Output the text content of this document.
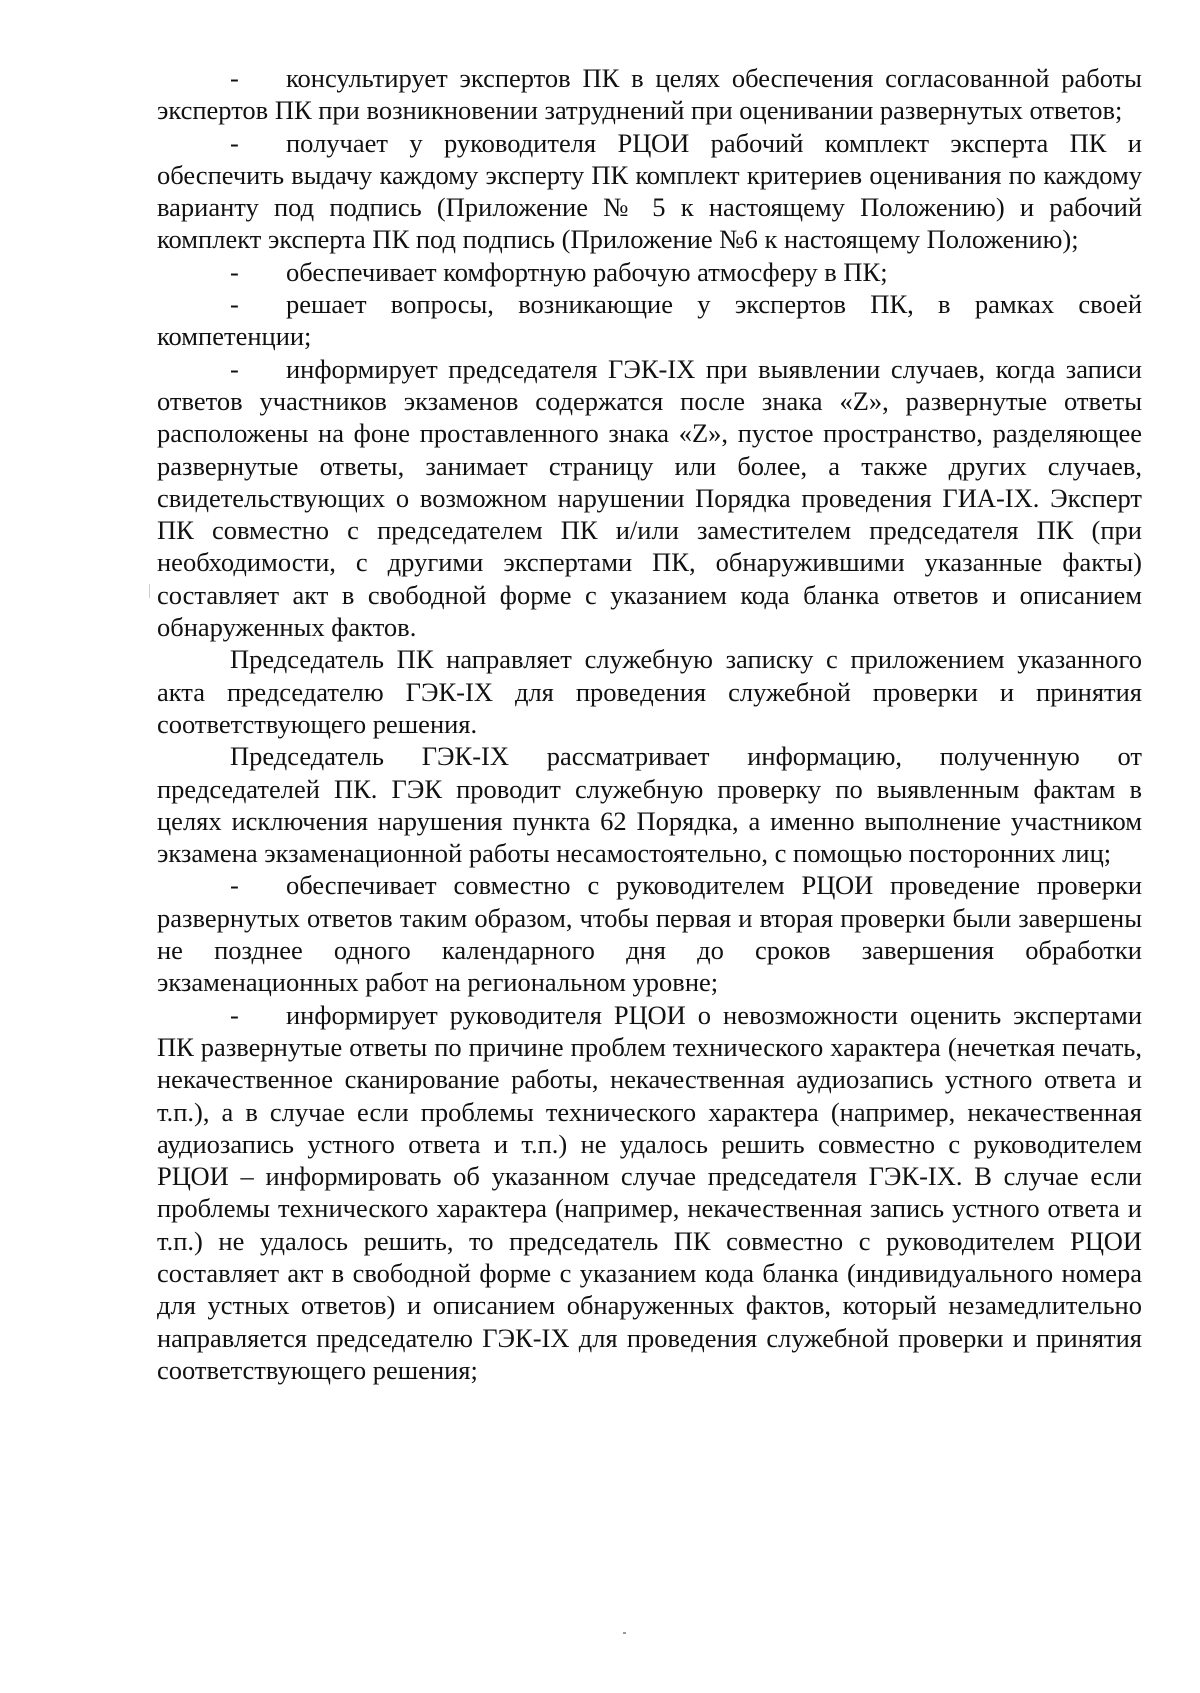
- консультирует экспертов ПК в целях обеспечения согласованной работы экспертов ПК при возникновении затруднений при оценивании развернутых ответов;

- получает у руководителя РЦОИ рабочий комплект эксперта ПК и обеспечить выдачу каждому эксперту ПК комплект критериев оценивания по каждому варианту под подпись (Приложение № 5 к настоящему Положению) и рабочий комплект эксперта ПК под подпись (Приложение №6 к настоящему Положению);

- обеспечивает комфортную рабочую атмосферу в ПК;

- решает вопросы, возникающие у экспертов ПК, в рамках своей компетенции;

- информирует председателя ГЭК-IX при выявлении случаев, когда записи ответов участников экзаменов содержатся после знака «Z», развернутые ответы расположены на фоне проставленного знака «Z», пустое пространство, разделяющее развернутые ответы, занимает страницу или более, а также других случаев, свидетельствующих о возможном нарушении Порядка проведения ГИА-IX. Эксперт ПК совместно с председателем ПК и/или заместителем председателя ПК (при необходимости, с другими экспертами ПК, обнаружившими указанные факты) составляет акт в свободной форме с указанием кода бланка ответов и описанием обнаруженных фактов.

Председатель ПК направляет служебную записку с приложением указанного акта председателю ГЭК-IX для проведения служебной проверки и принятия соответствующего решения.

Председатель ГЭК-IX рассматривает информацию, полученную от председателей ПК. ГЭК проводит служебную проверку по выявленным фактам в целях исключения нарушения пункта 62 Порядка, а именно выполнение участником экзамена экзаменационной работы несамостоятельно, с помощью посторонних лиц;

- обеспечивает совместно с руководителем РЦОИ проведение проверки развернутых ответов таким образом, чтобы первая и вторая проверки были завершены не позднее одного календарного дня до сроков завершения обработки экзаменационных работ на региональном уровне;

- информирует руководителя РЦОИ о невозможности оценить экспертами ПК развернутые ответы по причине проблем технического характера (нечеткая печать, некачественное сканирование работы, некачественная аудиозапись устного ответа и т.п.), а в случае если проблемы технического характера (например, некачественная аудиозапись устного ответа и т.п.) не удалось решить совместно с руководителем РЦОИ – информировать об указанном случае председателя ГЭК-IX. В случае если проблемы технического характера (например, некачественная запись устного ответа и т.п.) не удалось решить, то председатель ПК совместно с руководителем РЦОИ составляет акт в свободной форме с указанием кода бланка (индивидуального номера для устных ответов) и описанием обнаруженных фактов, который незамедлительно направляется председателю ГЭК-IX для проведения служебной проверки и принятия соответствующего решения;
